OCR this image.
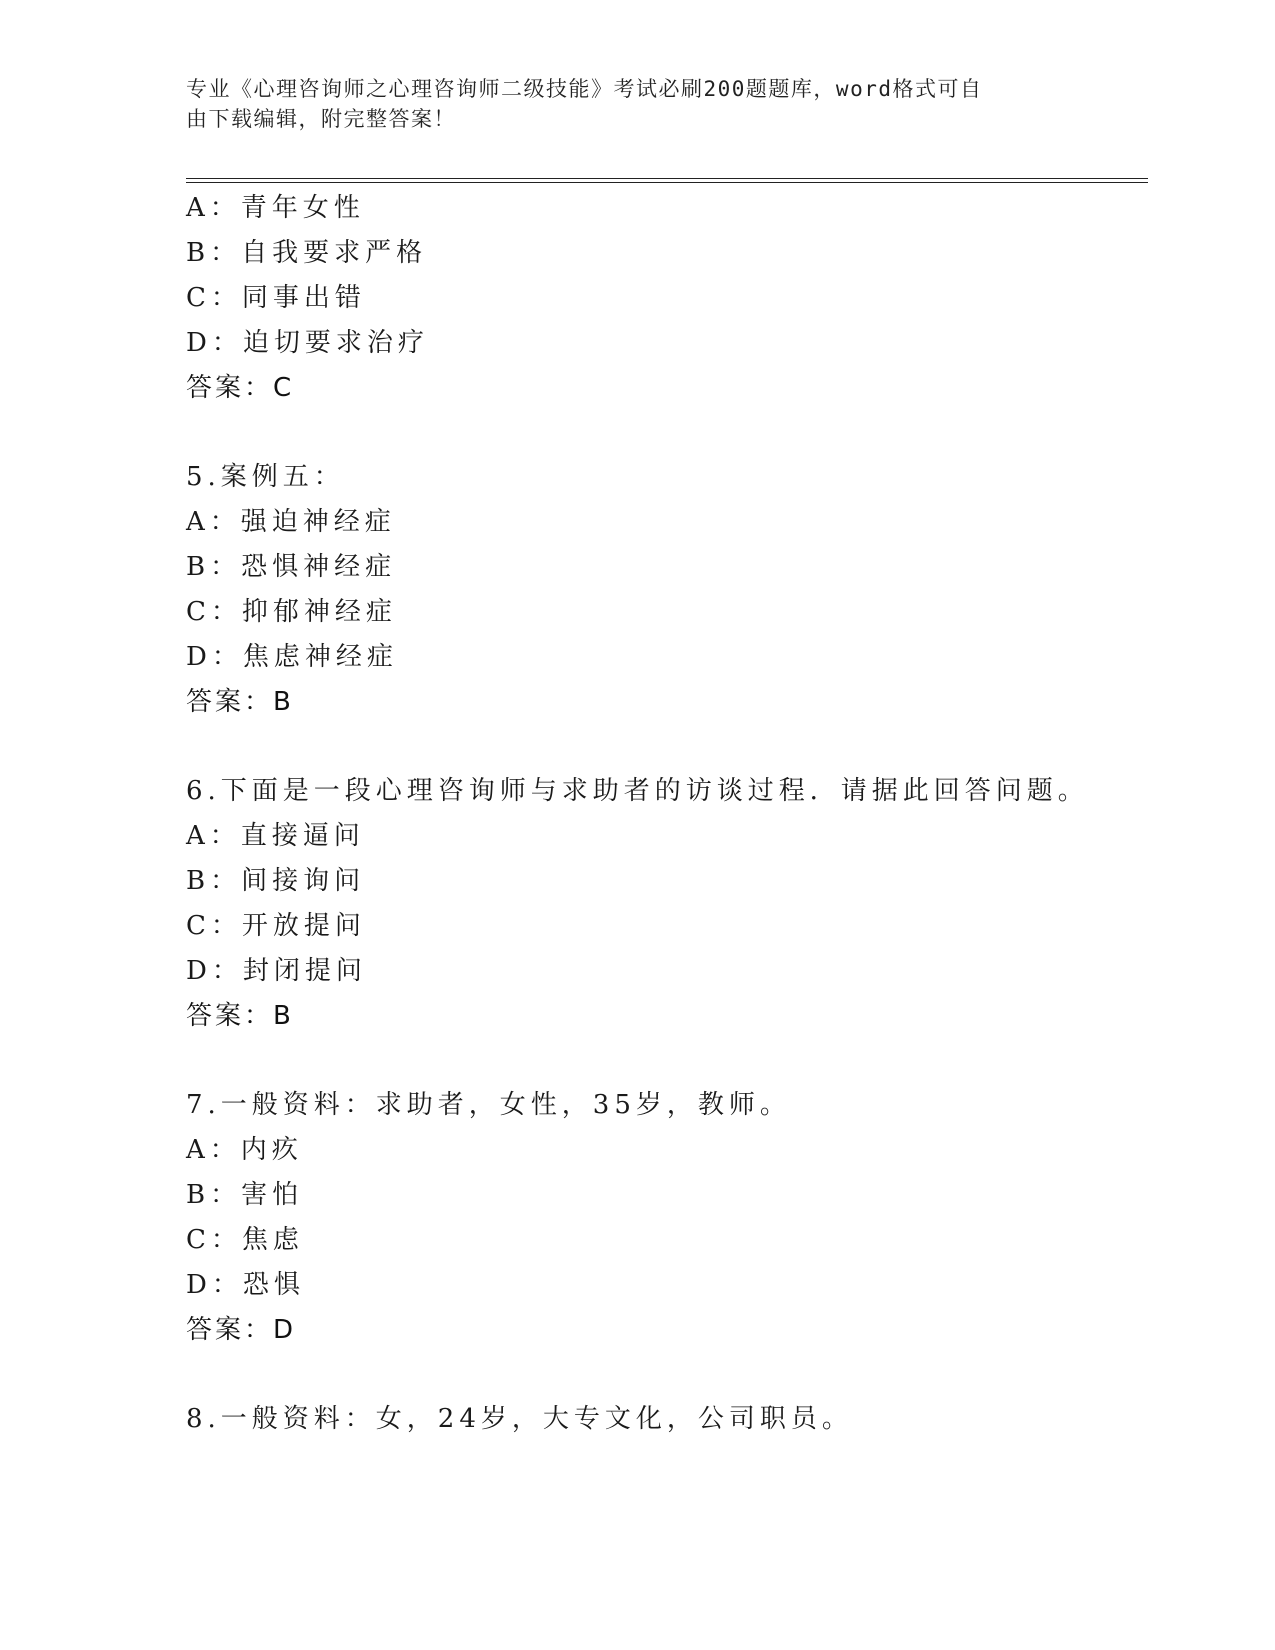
专业《心理咨询师之心理咨询师二级技能》考试必刷200题题库，word格式可自
由下载编辑，附完整答案！
A：青年女性
B：自我要求严格
C：同事出错
D：迫切要求治疗
答案：C
5.案例五：
A：强迫神经症
B：恐惧神经症
C：抑郁神经症
D：焦虑神经症
答案：B
6.下面是一段心理咨询师与求助者的访谈过程．请据此回答问题。
A：直接逼问
B：间接询问
C：开放提问
D：封闭提问
答案：B
7.一般资料：求助者，女性，35岁，教师。
A：内疚
B：害怕
C：焦虑
D：恐惧
答案：D
8.一般资料：女，24岁，大专文化，公司职员。
